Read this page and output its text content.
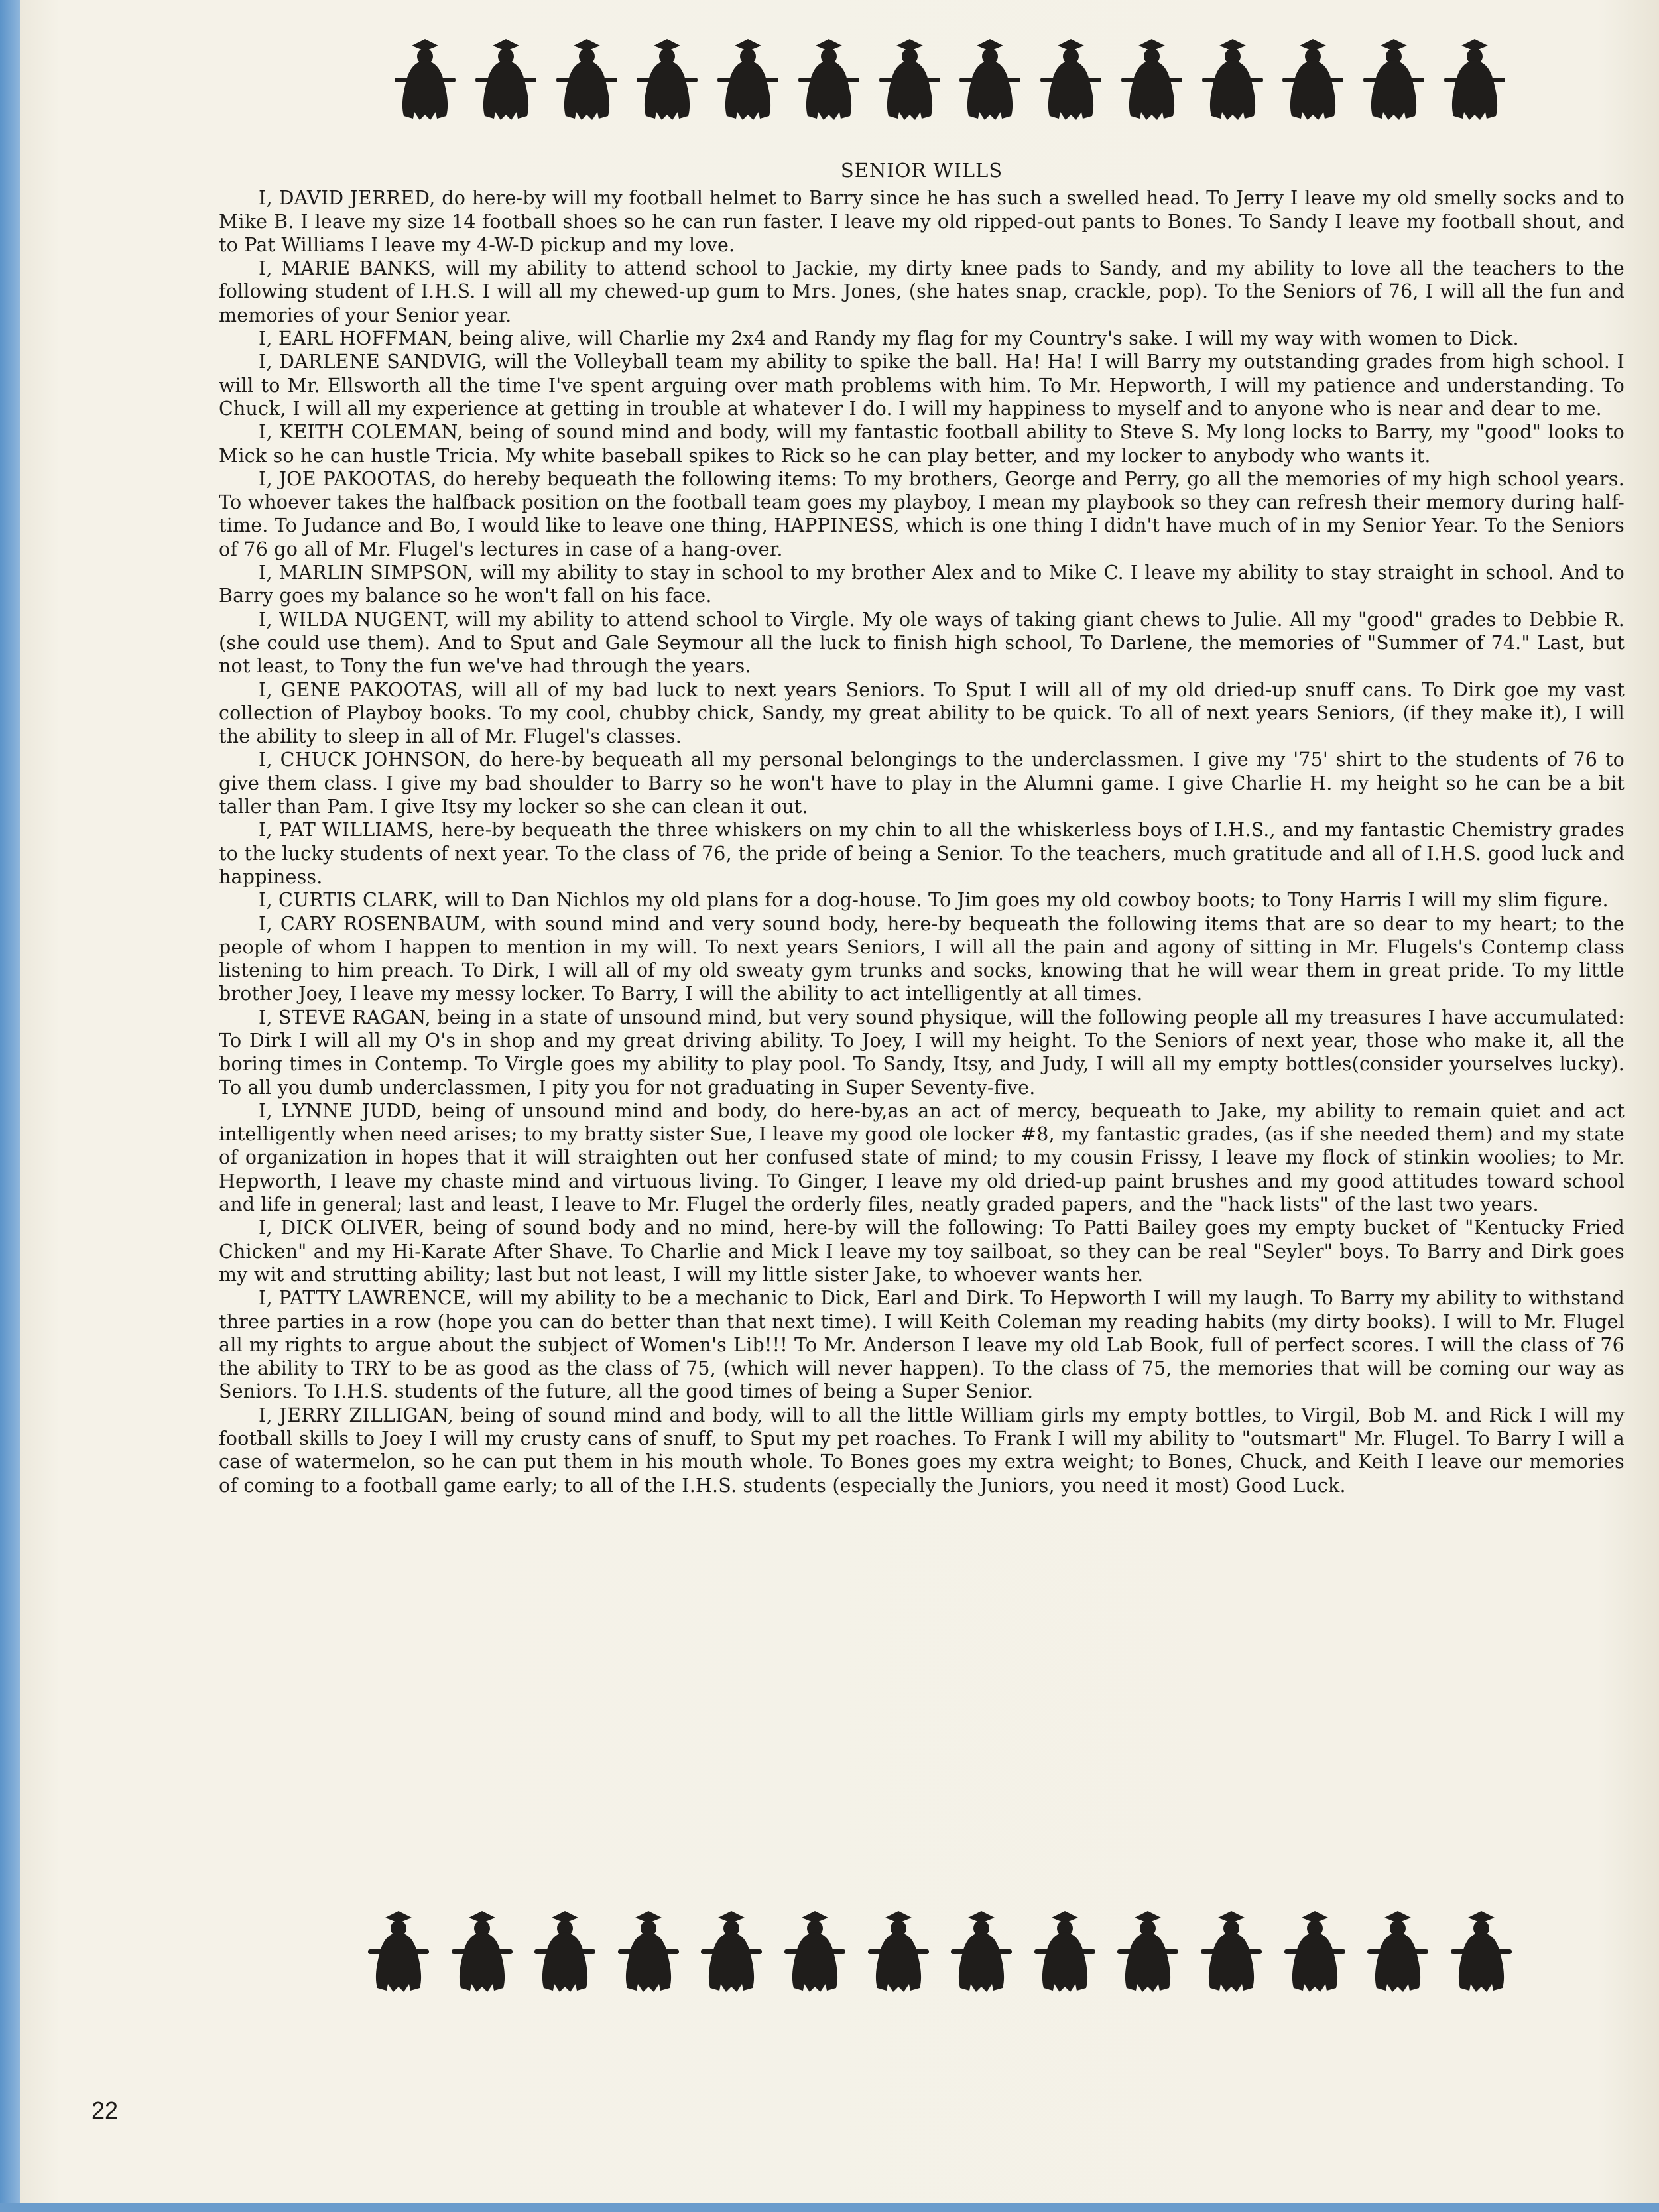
SENIOR WILLS

I, DAVID JERRED, do here-by will my football helmet to Barry since he has such a swelled head. To Jerry I leave my old smelly socks and to Mike B. I leave my size 14 football shoes so he can run faster. I leave my old ripped-out pants to Bones. To Sandy I leave my football shout, and to Pat Williams I leave my 4-W-D pickup and my love.

I, MARIE BANKS, will my ability to attend school to Jackie, my dirty knee pads to Sandy, and my ability to love all the teachers to the following student of I.H.S. I will all my chewed-up gum to Mrs. Jones, (she hates snap, crackle, pop). To the Seniors of 76, I will all the fun and memories of your Senior year.

I, EARL HOFFMAN, being alive, will Charlie my 2x4 and Randy my flag for my Country's sake. I will my way with women to Dick.

I, DARLENE SANDVIG, will the Volleyball team my ability to spike the ball. Ha! Ha! I will Barry my outstanding grades from high school. I will to Mr. Ellsworth all the time I've spent arguing over math problems with him. To Mr. Hepworth, I will my patience and understanding. To Chuck, I will all my experience at getting in trouble at whatever I do. I will my happiness to myself and to anyone who is near and dear to me.

I, KEITH COLEMAN, being of sound mind and body, will my fantastic football ability to Steve S. My long locks to Barry, my "good" looks to Mick so he can hustle Tricia. My white baseball spikes to Rick so he can play better, and my locker to anybody who wants it.

I, JOE PAKOOTAS, do hereby bequeath the following items: To my brothers, George and Perry, go all the memories of my high school years. To whoever takes the halfback position on the football team goes my playboy, I mean my playbook so they can refresh their memory during half-time. To Judance and Bo, I would like to leave one thing, HAPPINESS, which is one thing I didn't have much of in my Senior Year. To the Seniors of 76 go all of Mr. Flugel's lectures in case of a hang-over.

I, MARLIN SIMPSON, will my ability to stay in school to my brother Alex and to Mike C. I leave my ability to stay straight in school. And to Barry goes my balance so he won't fall on his face.

I, WILDA NUGENT, will my ability to attend school to Virgle. My ole ways of taking giant chews to Julie. All my "good" grades to Debbie R. (she could use them). And to Sput and Gale Seymour all the luck to finish high school, To Darlene, the memories of "Summer of 74." Last, but not least, to Tony the fun we've had through the years.

I, GENE PAKOOTAS, will all of my bad luck to next years Seniors. To Sput I will all of my old dried-up snuff cans. To Dirk goe my vast collection of Playboy books. To my cool, chubby chick, Sandy, my great ability to be quick. To all of next years Seniors, (if they make it), I will the ability to sleep in all of Mr. Flugel's classes.

I, CHUCK JOHNSON, do here-by bequeath all my personal belongings to the underclassmen. I give my '75' shirt to the students of 76 to give them class. I give my bad shoulder to Barry so he won't have to play in the Alumni game. I give Charlie H. my height so he can be a bit taller than Pam. I give Itsy my locker so she can clean it out.

I, PAT WILLIAMS, here-by bequeath the three whiskers on my chin to all the whiskerless boys of I.H.S., and my fantastic Chemistry grades to the lucky students of next year. To the class of 76, the pride of being a Senior. To the teachers, much gratitude and all of I.H.S. good luck and happiness.

I, CURTIS CLARK, will to Dan Nichlos my old plans for a dog-house. To Jim goes my old cowboy boots; to Tony Harris I will my slim figure.

I, CARY ROSENBAUM, with sound mind and very sound body, here-by bequeath the following items that are so dear to my heart; to the people of whom I happen to mention in my will. To next years Seniors, I will all the pain and agony of sitting in Mr. Flugels's Contemp class listening to him preach. To Dirk, I will all of my old sweaty gym trunks and socks, knowing that he will wear them in great pride. To my little brother Joey, I leave my messy locker. To Barry, I will the ability to act intelligently at all times.

I, STEVE RAGAN, being in a state of unsound mind, but very sound physique, will the following people all my treasures I have accumulated: To Dirk I will all my O's in shop and my great driving ability. To Joey, I will my height. To the Seniors of next year, those who make it, all the boring times in Contemp. To Virgle goes my ability to play pool. To Sandy, Itsy, and Judy, I will all my empty bottles(consider yourselves lucky). To all you dumb underclassmen, I pity you for not graduating in Super Seventy-five.

I, LYNNE JUDD, being of unsound mind and body, do here-by,as an act of mercy, bequeath to Jake, my ability to remain quiet and act intelligently when need arises; to my bratty sister Sue, I leave my good ole locker #8, my fantastic grades, (as if she needed them) and my state of organization in hopes that it will straighten out her confused state of mind; to my cousin Frissy, I leave my flock of stinkin woolies; to Mr. Hepworth, I leave my chaste mind and virtuous living. To Ginger, I leave my old dried-up paint brushes and my good attitudes toward school and life in general; last and least, I leave to Mr. Flugel the orderly files, neatly graded papers, and the "hack lists" of the last two years.

I, DICK OLIVER, being of sound body and no mind, here-by will the following: To Patti Bailey goes my empty bucket of "Kentucky Fried Chicken" and my Hi-Karate After Shave. To Charlie and Mick I leave my toy sailboat, so they can be real "Seyler" boys. To Barry and Dirk goes my wit and strutting ability; last but not least, I will my little sister Jake, to whoever wants her.

I, PATTY LAWRENCE, will my ability to be a mechanic to Dick, Earl and Dirk. To Hepworth I will my laugh. To Barry my ability to withstand three parties in a row (hope you can do better than that next time). I will Keith Coleman my reading habits (my dirty books). I will to Mr. Flugel all my rights to argue about the subject of Women's Lib!!! To Mr. Anderson I leave my old Lab Book, full of perfect scores. I will the class of 76 the ability to TRY to be as good as the class of 75, (which will never happen). To the class of 75, the memories that will be coming our way as Seniors. To I.H.S. students of the future, all the good times of being a Super Senior.

I, JERRY ZILLIGAN, being of sound mind and body, will to all the little William girls my empty bottles, to Virgil, Bob M. and Rick I will my football skills to Joey I will my crusty cans of snuff, to Sput my pet roaches. To Frank I will my ability to "outsmart" Mr. Flugel. To Barry I will a case of watermelon, so he can put them in his mouth whole. To Bones goes my extra weight; to Bones, Chuck, and Keith I leave our memories of coming to a football game early; to all of the I.H.S. students (especially the Juniors, you need it most) Good Luck.

22
